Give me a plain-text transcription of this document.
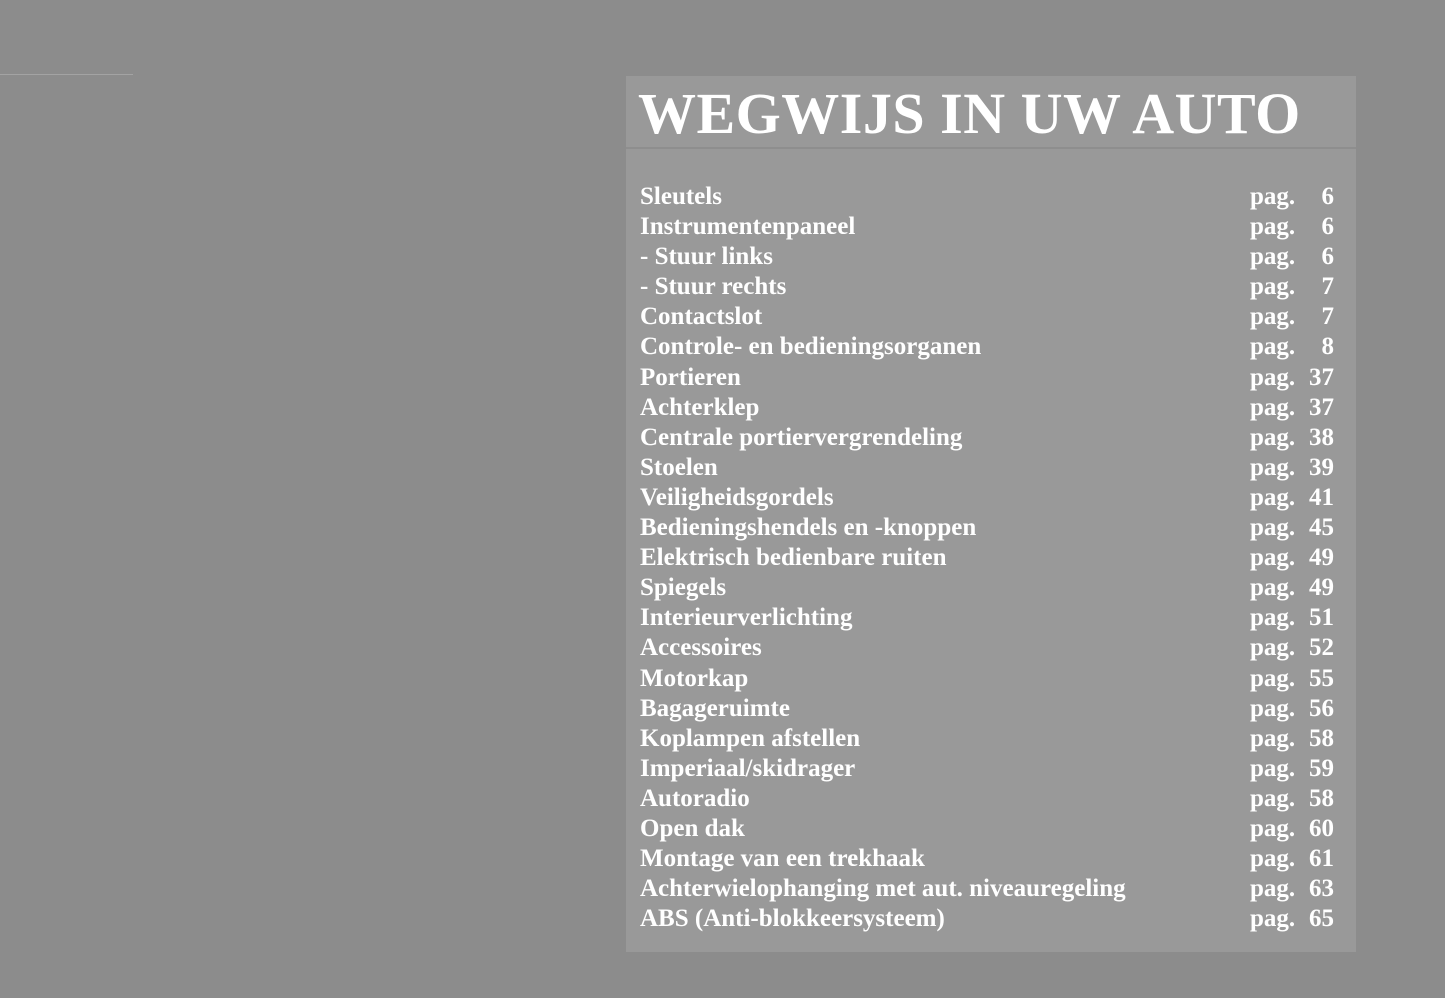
WEGWIJS IN UW AUTO
Sleutels	pag. 6
Instrumentenpaneel	pag. 6
- Stuur links	pag. 6
- Stuur rechts	pag. 7
Contactslot	pag. 7
Controle- en bedieningsorganen	pag. 8
Portieren	pag. 37
Achterklep	pag. 37
Centrale portiervergrendeling	pag. 38
Stoelen	pag. 39
Veiligheidsgordels	pag. 41
Bedieningshendels en -knoppen	pag. 45
Elektrisch bedienbare ruiten	pag. 49
Spiegels	pag. 49
Interieurverlichting	pag. 51
Accessoires	pag. 52
Motorkap	pag. 55
Bagageruimte	pag. 56
Koplampen afstellen	pag. 58
Imperiaal/skidrager	pag. 59
Autoradio	pag. 58
Open dak	pag. 60
Montage van een trekhaak	pag. 61
Achterwielophanging met aut. niveauregeling	pag. 63
ABS (Anti-blokkeersysteem)	pag. 65
